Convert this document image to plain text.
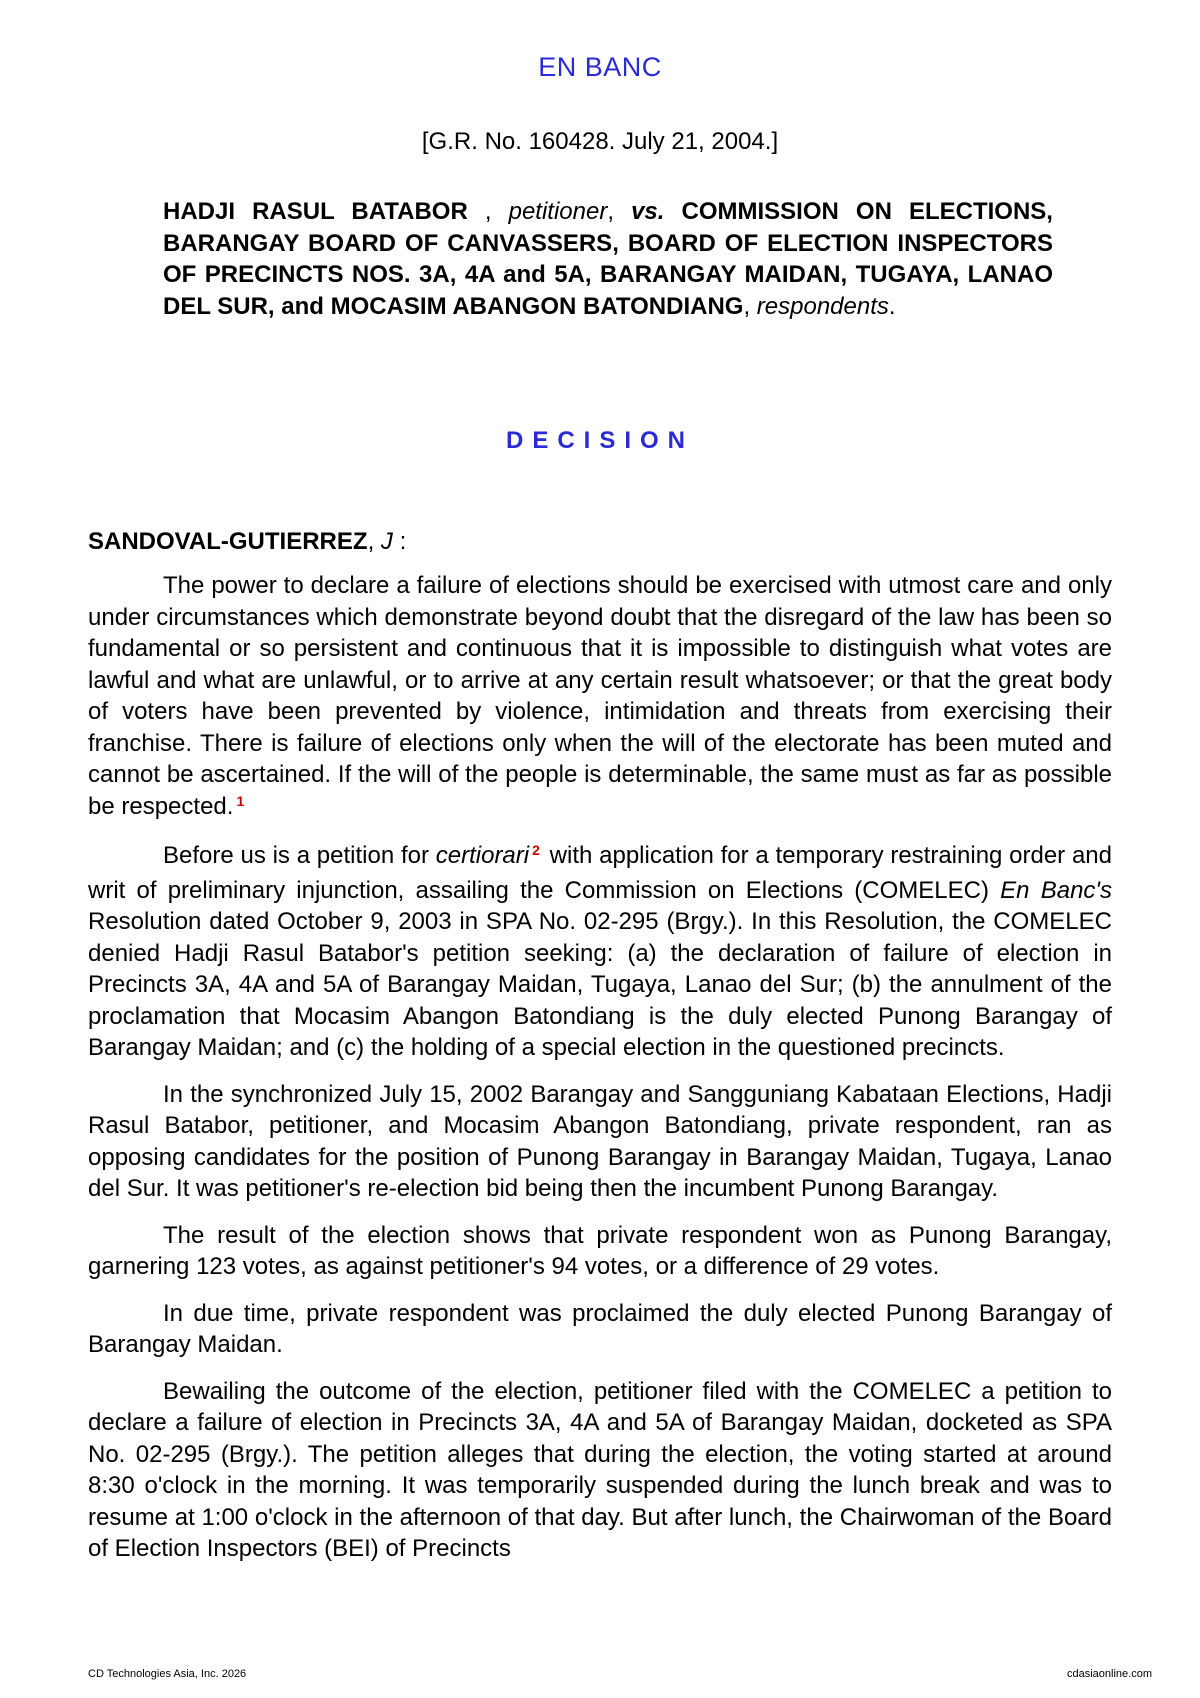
EN BANC
[G.R. No. 160428. July 21, 2004.]
HADJI RASUL BATABOR , petitioner, vs. COMMISSION ON ELECTIONS, BARANGAY BOARD OF CANVASSERS, BOARD OF ELECTION INSPECTORS OF PRECINCTS NOS. 3A, 4A and 5A, BARANGAY MAIDAN, TUGAYA, LANAO DEL SUR, and MOCASIM ABANGON BATONDIANG, respondents.
DECISION
SANDOVAL-GUTIERREZ, J :

The power to declare a failure of elections should be exercised with utmost care and only under circumstances which demonstrate beyond doubt that the disregard of the law has been so fundamental or so persistent and continuous that it is impossible to distinguish what votes are lawful and what are unlawful, or to arrive at any certain result whatsoever; or that the great body of voters have been prevented by violence, intimidation and threats from exercising their franchise. There is failure of elections only when the will of the electorate has been muted and cannot be ascertained. If the will of the people is determinable, the same must as far as possible be respected. $^1$

Before us is a petition for certiorari $^2$ with application for a temporary restraining order and writ of preliminary injunction, assailing the Commission on Elections (COMELEC) En Banc's Resolution dated October 9, 2003 in SPA No. 02-295 (Brgy.). In this Resolution, the COMELEC denied Hadji Rasul Batabor's petition seeking: (a) the declaration of failure of election in Precincts 3A, 4A and 5A of Barangay Maidan, Tugaya, Lanao del Sur; (b) the annulment of the proclamation that Mocasim Abangon Batondiang is the duly elected Punong Barangay of Barangay Maidan; and (c) the holding of a special election in the questioned precincts.

In the synchronized July 15, 2002 Barangay and Sangguniang Kabataan Elections, Hadji Rasul Batabor, petitioner, and Mocasim Abangon Batondiang, private respondent, ran as opposing candidates for the position of Punong Barangay in Barangay Maidan, Tugaya, Lanao del Sur. It was petitioner's re-election bid being then the incumbent Punong Barangay.

The result of the election shows that private respondent won as Punong Barangay, garnering 123 votes, as against petitioner's 94 votes, or a difference of 29 votes.

In due time, private respondent was proclaimed the duly elected Punong Barangay of Barangay Maidan.

Bewailing the outcome of the election, petitioner filed with the COMELEC a petition to declare a failure of election in Precincts 3A, 4A and 5A of Barangay Maidan, docketed as SPA No. 02-295 (Brgy.). The petition alleges that during the election, the voting started at around 8:30 o'clock in the morning. It was temporarily suspended during the lunch break and was to resume at 1:00 o'clock in the afternoon of that day. But after lunch, the Chairwoman of the Board of Election Inspectors (BEI) of Precincts

CD Technologies Asia, Inc. 2026	cdasiaonline.com
